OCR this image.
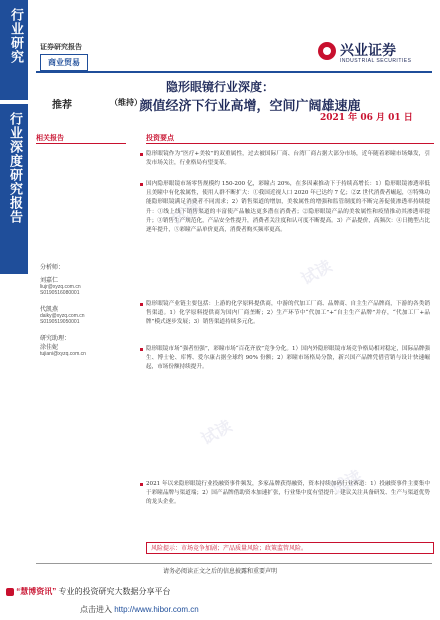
行业研究
行业深度研究报告
证券研究报告
商业贸易
兴业证券
INDUSTRIAL SECURITIES
隐形眼镜行业深度：
颜值经济下行业高增，空间广阔雄速鹿
推荐	（维持）
2021 年 06 月 01 日
相关报告
分析师：
刘嘉仁
liujr@xyzq.com.cn
S0190516080001
代凯燕
daiky@xyzq.com.cn
S0190519050001
研究助理：
涂佳妮
tujiani@xyzq.com.cn
投资要点
隐形眼镜作为“医疗+美妆”的双重属性，过去被国际厂商、台湾厂商占据大部分市场，近年随着彩瞳市场爆发，引发市场关注，行业格局有望变革。
国内隐形眼镜市场零售规模约 150-200 亿，彩瞳占 20%，在多因素推动下于持续高增长：1）隐形眼镜渗透率低且美瞳中有化妆属性，使用人群不断扩大：①我国近视人口 2020 年已达约 7 亿；②Z 世代消费者崛起，③特殊功能隐形眼镜满足消费者不同需求；2）销售渠道的增加，美妆属性的增强和监管制度的不断完善促使渗透率持续提升：①线上线下销售渠道的丰富使产品触达更多潜在消费者；②隐形眼镜产品的美妆属性和疫情推动其渗透率提升；③销售生产规范化，产品安全性提升，消费者关注度和认可度不断提高。3）产品提价，高频次：④日抛型占比逐年提升，⑤彩瞳产品单价更高，消费者购买频率更高。
隐形眼镜产业链主要包括：上游的化学原料提供商，中游的代加工厂商、品牌商、自主生产品牌商，下游的各类销售渠道。1）化学原料提供商为国内厂商垄断；2）生产环节中“代加工”+“自主生产品牌”并存，“代加工厂+品牌”模式逐步发展；3）销售渠道持续多元化。
隐形眼镜市场“强者恒强”，彩瞳市场“百花齐放”竞争分化。1）国内外隐形眼镜市场竞争格局相对稳定，国际品牌强生、博士伦、库博、爱尔康占据全球约 90% 份额；2）彩瞳市场格局分散，新兴国产品牌凭借营销与设计快速崛起，市场份额持续提升。
2021 年以来隐形眼镜行业投融资事件频发，多家品牌获得融资，资本持续加码行业赛道：1）投融资事件主要集中于彩瞳品牌与渠道端；2）国产品牌借助资本加速扩张，行业集中度有望提升。建议关注具备研发、生产与渠道优势的龙头企业。
风险提示：市场竞争加剧；产品质量风险；政策监管风险。
请务必阅读正文之后的信息披露和重要声明
试读
试读
试读
试读
“慧博资讯” 专业的投资研究大数据分享平台
点击进入 http://www.hibor.com.cn
